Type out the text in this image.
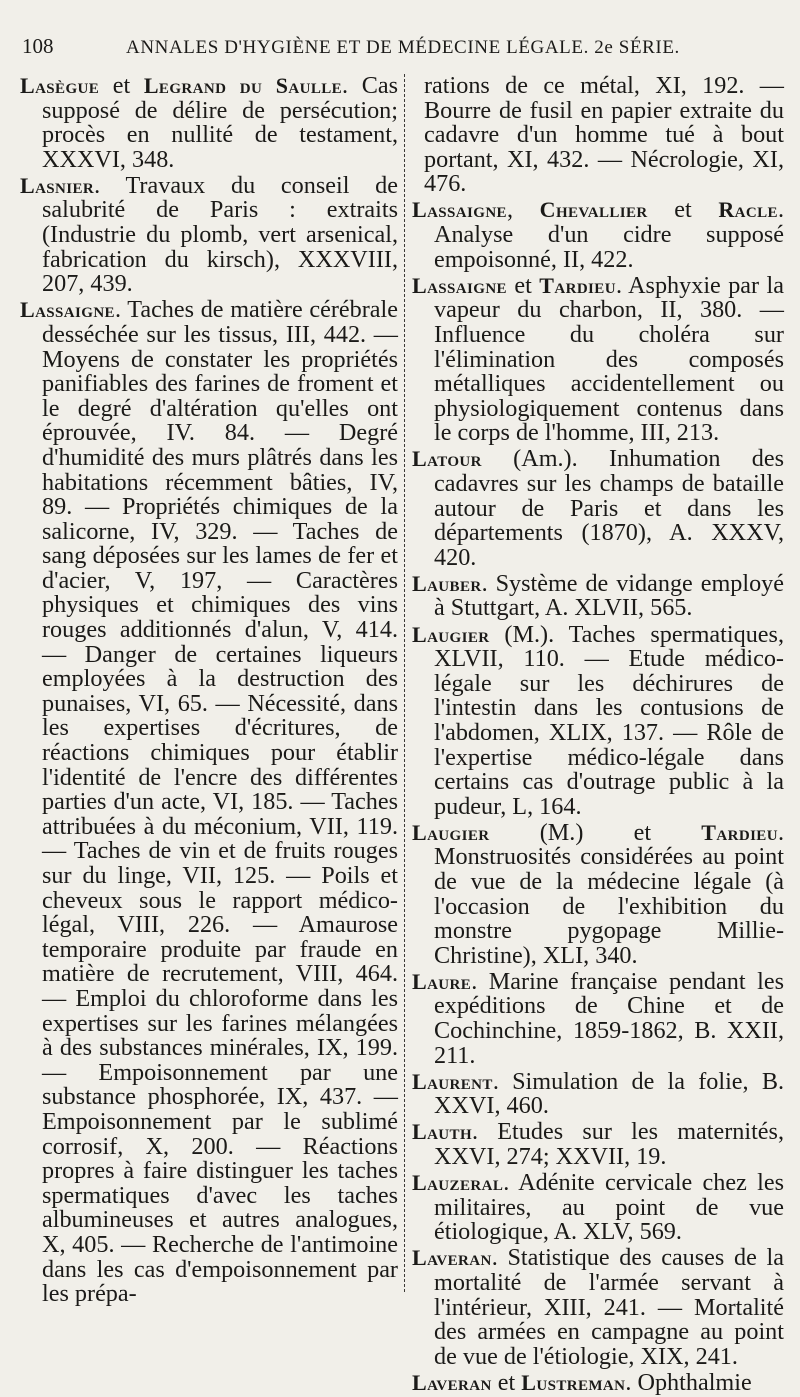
108	ANNALES D'HYGIÈNE ET DE MÉDECINE LÉGALE. 2e SÉRIE.

Lasègue et Legrand du Saulle. Cas supposé de délire de persécution; procès en nullité de testament, XXXVI, 348.

Lasnier. Travaux du conseil de salubrité de Paris : extraits (Industrie du plomb, vert arsenical, fabrication du kirsch), XXXVIII, 207, 439.

Lassaigne. Taches de matière cérébrale desséchée sur les tissus, III, 442. — Moyens de constater les propriétés panifiables des farines de froment et le degré d'altération qu'elles ont éprouvée, IV. 84. — Degré d'humidité des murs plâtrés dans les habitations récemment bâties, IV, 89. — Propriétés chimiques de la salicorne, IV, 329. — Taches de sang déposées sur les lames de fer et d'acier, V, 197, — Caractères physiques et chimiques des vins rouges additionnés d'alun, V, 414. — Danger de certaines liqueurs employées à la destruction des punaises, VI, 65. — Nécessité, dans les expertises d'écritures, de réactions chimiques pour établir l'identité de l'encre des différentes parties d'un acte, VI, 185. — Taches attribuées à du méconium, VII, 119. — Taches de vin et de fruits rouges sur du linge, VII, 125. — Poils et cheveux sous le rapport médico-légal, VIII, 226. — Amaurose temporaire produite par fraude en matière de recrutement, VIII, 464. — Emploi du chloroforme dans les expertises sur les farines mélangées à des substances minérales, IX, 199. — Empoisonnement par une substance phosphorée, IX, 437. — Empoisonnement par le sublimé corrosif, X, 200. — Réactions propres à faire distinguer les taches spermatiques d'avec les taches albumineuses et autres analogues, X, 405. — Recherche de l'antimoine dans les cas d'empoisonnement par les prépa-

rations de ce métal, XI, 192. — Bourre de fusil en papier extraite du cadavre d'un homme tué à bout portant, XI, 432. — Nécrologie, XI, 476.

Lassaigne, Chevallier et Racle. Analyse d'un cidre supposé empoisonné, II, 422.

Lassaigne et Tardieu. Asphyxie par la vapeur du charbon, II, 380. — Influence du choléra sur l'élimination des composés métalliques accidentellement ou physiologiquement contenus dans le corps de l'homme, III, 213.

Latour (Am.). Inhumation des cadavres sur les champs de bataille autour de Paris et dans les départements (1870), A. XXXV, 420.

Lauber. Système de vidange employé à Stuttgart, A. XLVII, 565.

Laugier (M.). Taches spermatiques, XLVII, 110. — Etude médico-légale sur les déchirures de l'intestin dans les contusions de l'abdomen, XLIX, 137. — Rôle de l'expertise médico-légale dans certains cas d'outrage public à la pudeur, L, 164.

Laugier (M.) et Tardieu. Monstruosités considérées au point de vue de la médecine légale (à l'occasion de l'exhibition du monstre pygopage Millie-Christine), XLI, 340.

Laure. Marine française pendant les expéditions de Chine et de Cochinchine, 1859-1862, B. XXII, 211.

Laurent. Simulation de la folie, B. XXVI, 460.

Lauth. Etudes sur les maternités, XXVI, 274; XXVII, 19.

Lauzeral. Adénite cervicale chez les militaires, au point de vue étiologique, A. XLV, 569.

Laveran. Statistique des causes de la mortalité de l'armée servant à l'intérieur, XIII, 241. — Mortalité des armées en campagne au point de vue de l'étiologie, XIX, 241.

Laveran et Lustreman. Ophthalmie
